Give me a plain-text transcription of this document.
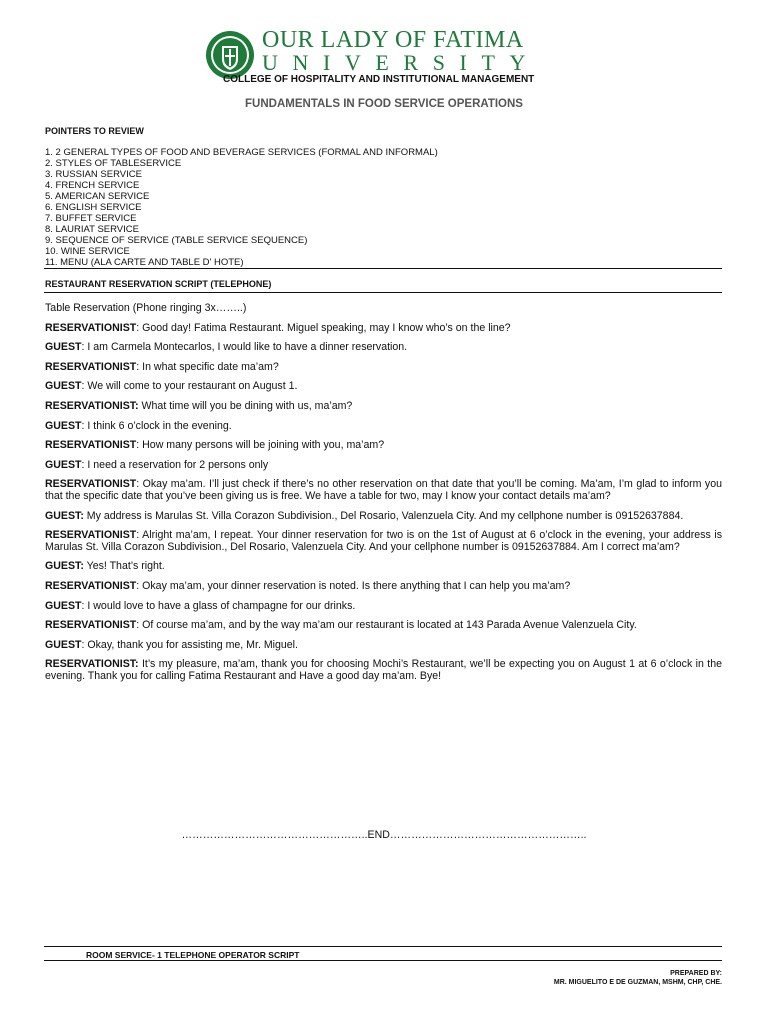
OUR LADY OF FATIMA
UNIVERSITY
COLLEGE OF HOSPITALITY AND INSTITUTIONAL MANAGEMENT
FUNDAMENTALS IN FOOD SERVICE OPERATIONS
POINTERS TO REVIEW
1. 2 GENERAL TYPES OF FOOD AND BEVERAGE SERVICES (FORMAL AND INFORMAL)
2. STYLES OF TABLESERVICE
3. RUSSIAN SERVICE
4. FRENCH SERVICE
5. AMERICAN SERVICE
6. ENGLISH SERVICE
7. BUFFET SERVICE
8. LAURIAT SERVICE
9. SEQUENCE OF SERVICE (TABLE SERVICE SEQUENCE)
10. WINE SERVICE
11. MENU (ALA CARTE AND TABLE D' HOTE)
RESTAURANT RESERVATION SCRIPT (TELEPHONE)

Table Reservation (Phone ringing 3x……..)

RESERVATIONIST: Good day! Fatima Restaurant. Miguel speaking, may I know who’s on the line?

GUEST: I am Carmela Montecarlos, I would like to have a dinner reservation.

RESERVATIONIST: In what specific date ma’am?

GUEST: We will come to your restaurant on August 1.

RESERVATIONIST: What time will you be dining with us, ma’am?

GUEST: I think 6 o’clock in the evening.

RESERVATIONIST: How many persons will be joining with you, ma’am?

GUEST: I need a reservation for 2 persons only

RESERVATIONIST: Okay ma’am. I’ll just check if there’s no other reservation on that date that you’ll be coming. Ma’am, I’m glad to inform you that the specific date that you’ve been giving us is free. We have a table for two, may I know your contact details ma’am?

GUEST: My address is Marulas St. Villa Corazon Subdivision., Del Rosario, Valenzuela City. And my cellphone number is 09152637884.

RESERVATIONIST: Alright ma’am, I repeat. Your dinner reservation for two is on the 1st of August at 6 o’clock in the evening, your address is Marulas St. Villa Corazon Subdivision., Del Rosario, Valenzuela City. And your cellphone number is 09152637884. Am I correct ma’am?

GUEST: Yes! That’s right.

RESERVATIONIST: Okay ma’am, your dinner reservation is noted. Is there anything that I can help you ma’am?

GUEST: I would love to have a glass of champagne for our drinks.

RESERVATIONIST: Of course ma’am, and by the way ma’am our restaurant is located at 143 Parada Avenue Valenzuela City.

GUEST: Okay, thank you for assisting me, Mr. Miguel.

RESERVATIONIST: It’s my pleasure, ma’am, thank you for choosing Mochi’s Restaurant, we’ll be expecting you on August 1 at 6 o’clock in the evening. Thank you for calling Fatima Restaurant and Have a good day ma’am. Bye!

……………………………………………..END………………………………………………..
ROOM SERVICE- 1 TELEPHONE OPERATOR SCRIPT
PREPARED BY:
MR. MIGUELITO E DE GUZMAN, MSHM, CHP, CHE.
